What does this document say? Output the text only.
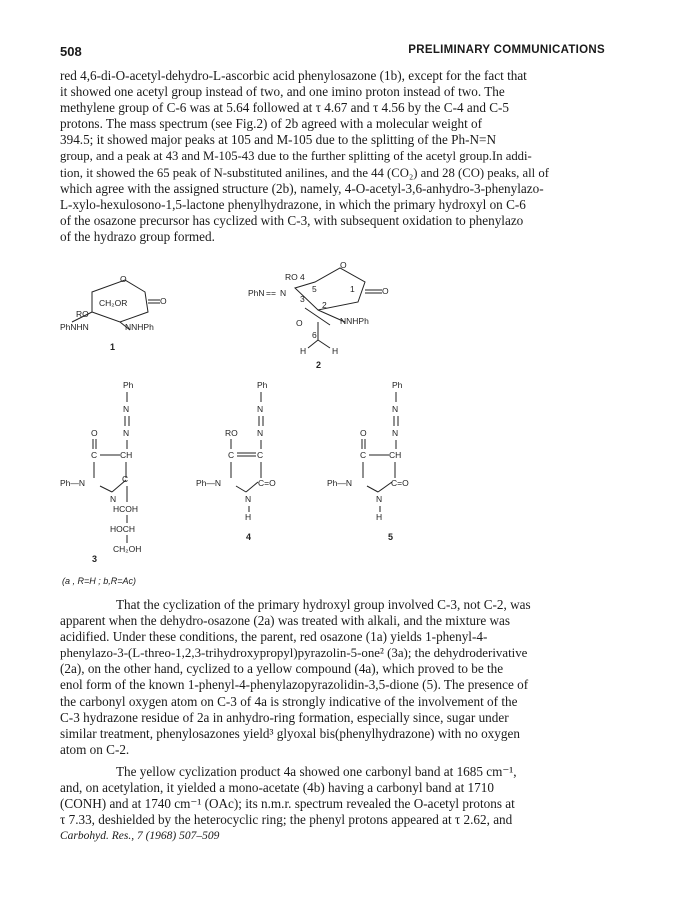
508	PRELIMINARY COMMUNICATIONS
red 4,6-di-O-acetyl-dehydro-L-ascorbic acid phenylosazone (1b), except for the fact that
it showed one acetyl group instead of two, and one imino proton instead of two. The
methylene group of C-6 was at 5.64 followed at τ 4.67 and τ 4.56 by the C-4 and C-5
protons. The mass spectrum (see Fig.2) of 2b agreed with a molecular weight of
394.5; it showed major peaks at 105 and M-105 due to the splitting of the Ph-N=N
group, and a peak at 43 and M-105-43 due to the further splitting of the acetyl group.In addi-
tion, it showed the 65 peak of N-substituted anilines, and the 44 (CO₂) and 28 (CO) peaks, all of
which agree with the assigned structure (2b), namely, 4-O-acetyl-3,6-anhydro-3-phenylazo-
L-xylo-hexulosono-1,5-lactone phenylhydrazone, in which the primary hydroxyl on C-6
of the osazone precursor has cyclized with C-3, with subsequent oxidation to phenylazo
of the hydrazo group formed.
O
CH₂OR	O
RO
PhNHN	NNHPh
1
RO 4
5
O
1	O
PhN == N
3
2
O	NNHPh
6
H	H
2
Ph
N
N
O
C	CH
Ph—N
N
C
HCOH
HOCH
CH₂OH
3
Ph
N
N
RO
C	C
Ph—N
N
C=O
H
4
Ph
N
N
O
C	CH
Ph—N
N
C=O
H
5
(a , R=H ; b,R=Ac)
That the cyclization of the primary hydroxyl group involved C-3, not C-2, was
apparent when the dehydro-osazone (2a) was treated with alkali, and the mixture was
acidified. Under these conditions, the parent, red osazone (1a) yields 1-phenyl-4-
phenylazo-3-(L-threo-1,2,3-trihydroxypropyl)pyrazolin-5-one² (3a); the dehydroderivative
(2a), on the other hand, cyclized to a yellow compound (4a), which proved to be the
enol form of the known 1-phenyl-4-phenylazopyrazolidin-3,5-dione (5). The presence of
the carbonyl oxygen atom on C-3 of 4a is strongly indicative of the involvement of the
C-3 hydrazone residue of 2a in anhydro-ring formation, especially since, sugar under
similar treatment, phenylosazones yield³ glyoxal bis(phenylhydrazone) with no oxygen
atom on C-2.
The yellow cyclization product 4a showed one carbonyl band at 1685 cm⁻¹,
and, on acetylation, it yielded a mono-acetate (4b) having a carbonyl band at 1710
(CONH) and at 1740 cm⁻¹ (OAc); its n.m.r. spectrum revealed the O-acetyl protons at
τ 7.33, deshielded by the heterocyclic ring; the phenyl protons appeared at τ 2.62, and
Carbohyd. Res., 7 (1968) 507–509
